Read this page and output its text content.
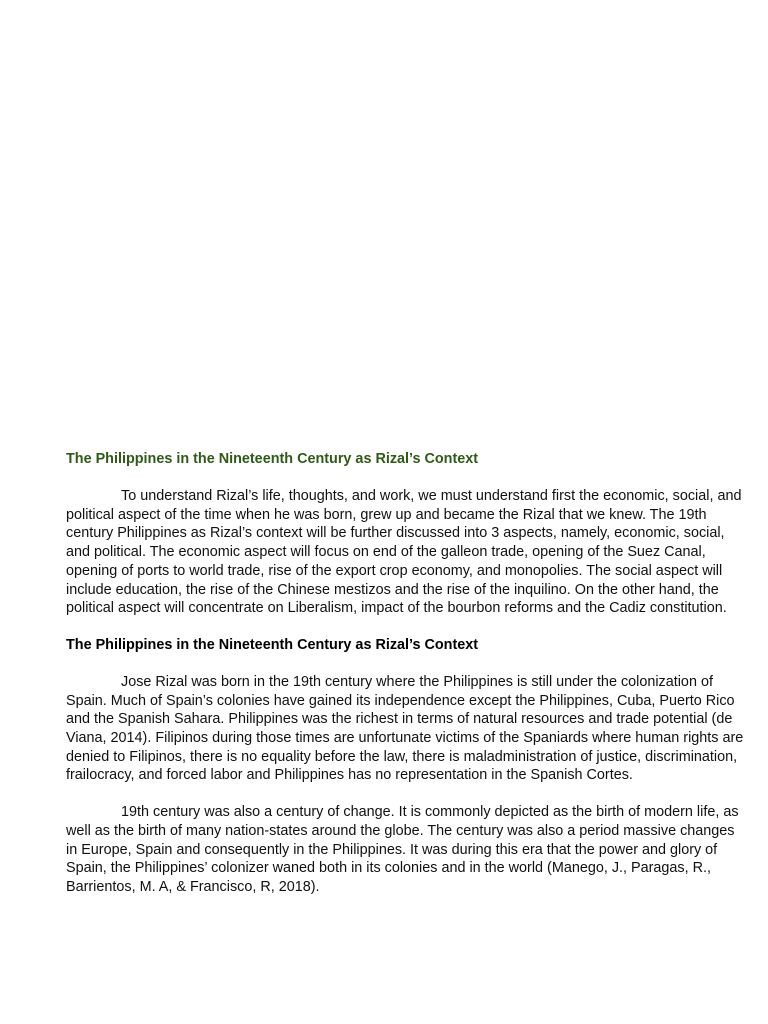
The Philippines in the Nineteenth Century as Rizal’s Context

To understand Rizal’s life, thoughts, and work, we must understand first the economic, social, and political aspect of the time when he was born, grew up and became the Rizal that we knew. The 19th century Philippines as Rizal’s context will be further discussed into 3 aspects, namely, economic, social, and political. The economic aspect will focus on end of the galleon trade, opening of the Suez Canal, opening of ports to world trade, rise of the export crop economy, and monopolies. The social aspect will include education, the rise of the Chinese mestizos and the rise of the inquilino. On the other hand, the political aspect will concentrate on Liberalism, impact of the bourbon reforms and the Cadiz constitution.

The Philippines in the Nineteenth Century as Rizal’s Context

Jose Rizal was born in the 19th century where the Philippines is still under the colonization of Spain. Much of Spain’s colonies have gained its independence except the Philippines, Cuba, Puerto Rico and the Spanish Sahara. Philippines was the richest in terms of natural resources and trade potential (de Viana, 2014). Filipinos during those times are unfortunate victims of the Spaniards where human rights are denied to Filipinos, there is no equality before the law, there is maladministration of justice, discrimination, frailocracy, and forced labor and Philippines has no representation in the Spanish Cortes.

19th century was also a century of change. It is commonly depicted as the birth of modern life, as well as the birth of many nation-states around the globe. The century was also a period massive changes in Europe, Spain and consequently in the Philippines. It was during this era that the power and glory of Spain, the Philippines’ colonizer waned both in its colonies and in the world (Manego, J., Paragas, R., Barrientos, M. A, & Francisco, R, 2018).
